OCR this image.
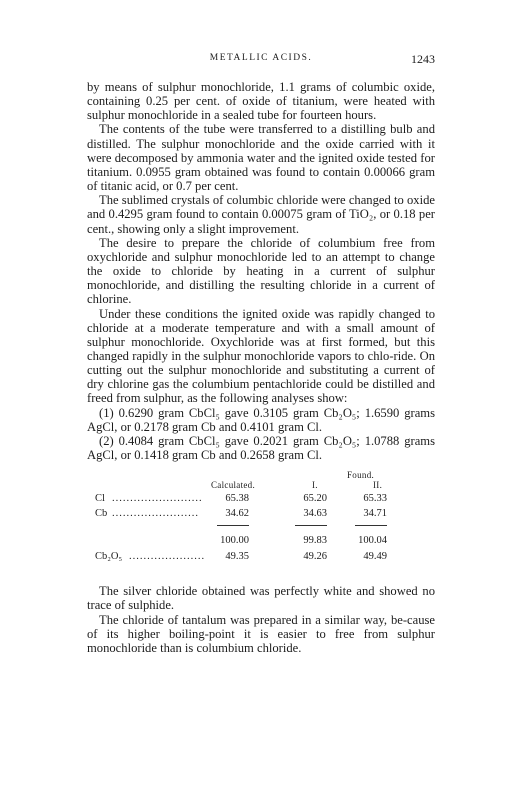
METALLIC ACIDS.	1243

by means of sulphur monochloride, 1.1 grams of columbic oxide, containing 0.25 per cent. of oxide of titanium, were heated with sulphur monochloride in a sealed tube for fourteen hours.

The contents of the tube were transferred to a distilling bulb and distilled. The sulphur monochloride and the oxide carried with it were decomposed by ammonia water and the ignited oxide tested for titanium. 0.0955 gram obtained was found to contain 0.00066 gram of titanic acid, or 0.7 per cent.

The sublimed crystals of columbic chloride were changed to oxide and 0.4295 gram found to contain 0.00075 gram of TiO₂, or 0.18 per cent., showing only a slight improvement.

The desire to prepare the chloride of columbium free from oxychloride and sulphur monochloride led to an attempt to change the oxide to chloride by heating in a current of sulphur monochloride, and distilling the resulting chloride in a current of chlorine.

Under these conditions the ignited oxide was rapidly changed to chloride at a moderate temperature and with a small amount of sulphur monochloride. Oxychloride was at first formed, but this changed rapidly in the sulphur monochloride vapors to chlo-ride. On cutting out the sulphur monochloride and substituting a current of dry chlorine gas the columbium pentachloride could be distilled and freed from sulphur, as the following analyses show:

(1) 0.6290 gram CbCl₅ gave 0.3105 gram Cb₂O₅; 1.6590 grams AgCl, or 0.2178 gram Cb and 0.4101 gram Cl.

(2) 0.4084 gram CbCl₅ gave 0.2021 gram Cb₂O₅; 1.0788 grams AgCl, or 0.1418 gram Cb and 0.2658 gram Cl.

Found.
Calculated.	I.	II.
Cl .........................	65.38	65.20	65.33
Cb ........................	34.62	34.63	34.71
100.00	99.83	100.04
Cb₂O₅ .....................	49.35	49.26	49.49

The silver chloride obtained was perfectly white and showed no trace of sulphide.

The chloride of tantalum was prepared in a similar way, be-cause of its higher boiling-point it is easier to free from sulphur monochloride than is columbium chloride.
